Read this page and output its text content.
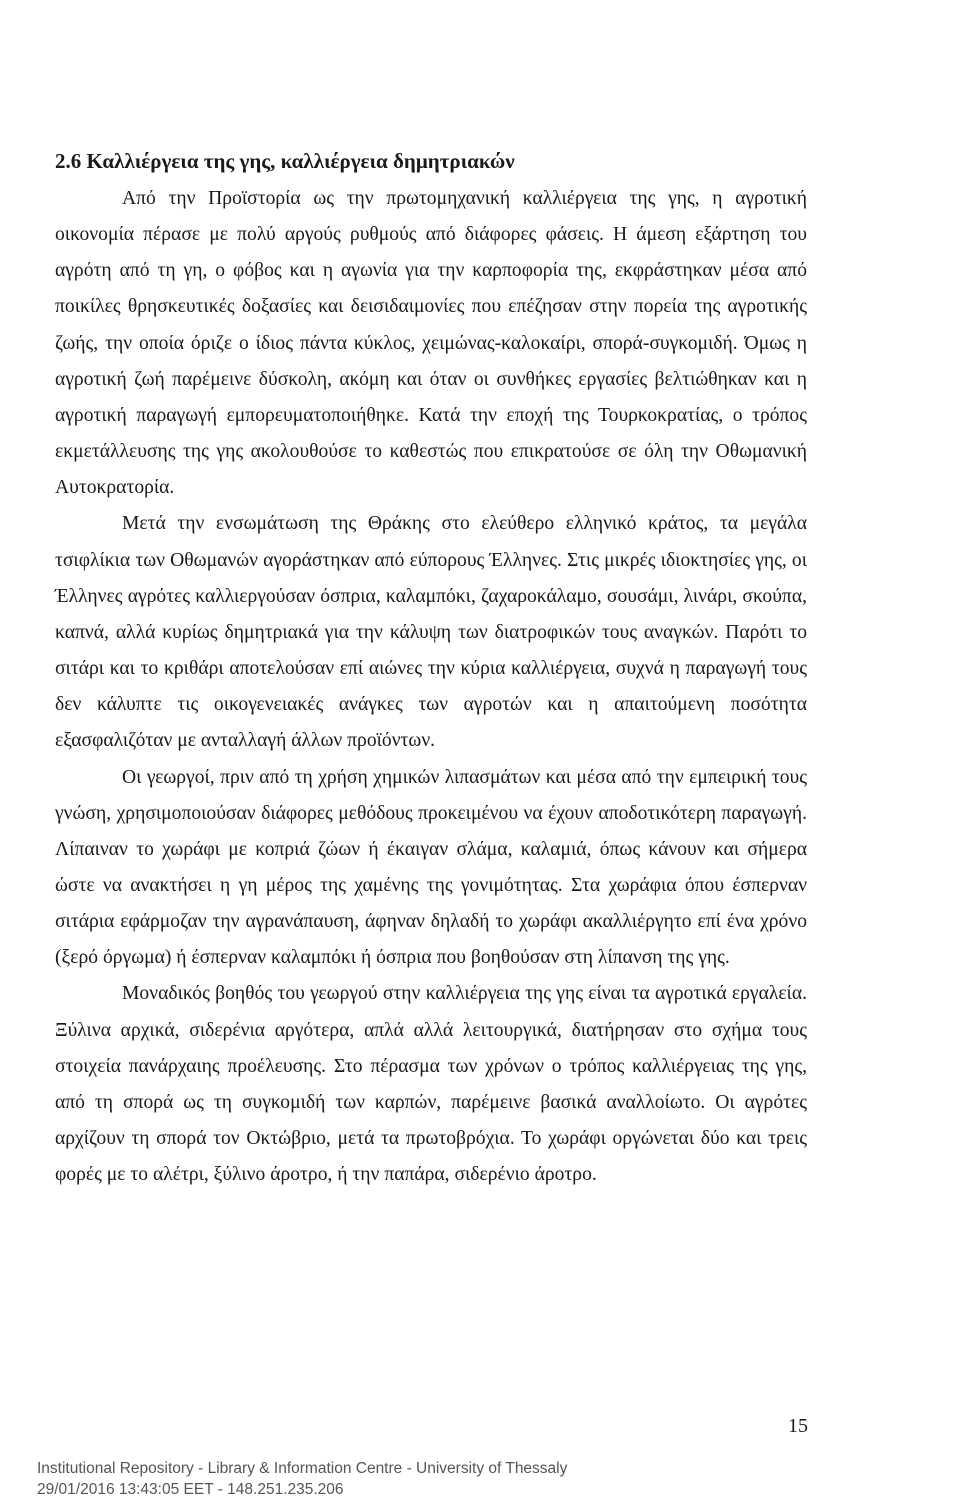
2.6 Καλλιέργεια της γης, καλλιέργεια δημητριακών

Από την Προϊστορία ως την πρωτομηχανική καλλιέργεια της γης, η αγροτική οικονομία πέρασε με πολύ αργούς ρυθμούς από διάφορες φάσεις. Η άμεση εξάρτηση του αγρότη από τη γη, ο φόβος και η αγωνία για την καρποφορία της, εκφράστηκαν μέσα από ποικίλες θρησκευτικές δοξασίες και δεισιδαιμονίες που επέζησαν στην πορεία της αγροτικής ζωής, την οποία όριζε ο ίδιος πάντα κύκλος, χειμώνας-καλοκαίρι, σπορά-συγκομιδή. Όμως η αγροτική ζωή παρέμεινε δύσκολη, ακόμη και όταν οι συνθήκες εργασίες βελτιώθηκαν και η αγροτική παραγωγή εμπορευματοποιήθηκε. Κατά την εποχή της Τουρκοκρατίας, ο τρόπος εκμετάλλευσης της γης ακολουθούσε το καθεστώς που επικρατούσε σε όλη την Οθωμανική Αυτοκρατορία.

Μετά την ενσωμάτωση της Θράκης στο ελεύθερο ελληνικό κράτος, τα μεγάλα τσιφλίκια των Οθωμανών αγοράστηκαν από εύπορους Έλληνες. Στις μικρές ιδιοκτησίες γης, οι Έλληνες αγρότες καλλιεργούσαν όσπρια, καλαμπόκι, ζαχαροκάλαμο, σουσάμι, λινάρι, σκούπα, καπνά, αλλά κυρίως δημητριακά για την κάλυψη των διατροφικών τους αναγκών. Παρότι το σιτάρι και το κριθάρι αποτελούσαν επί αιώνες την κύρια καλλιέργεια, συχνά η παραγωγή τους δεν κάλυπτε τις οικογενειακές ανάγκες των αγροτών και η απαιτούμενη ποσότητα εξασφαλιζόταν με ανταλλαγή άλλων προϊόντων.

Οι γεωργοί, πριν από τη χρήση χημικών λιπασμάτων και μέσα από την εμπειρική τους γνώση, χρησιμοποιούσαν διάφορες μεθόδους προκειμένου να έχουν αποδοτικότερη παραγωγή. Λίπαιναν το χωράφι με κοπριά ζώων ή έκαιγαν σλάμα, καλαμιά, όπως κάνουν και σήμερα ώστε να ανακτήσει η γη μέρος της χαμένης της γονιμότητας. Στα χωράφια όπου έσπερναν σιτάρια εφάρμοζαν την αγρανάπαυση, άφηναν δηλαδή το χωράφι ακαλλιέργητο επί ένα χρόνο (ξερό όργωμα) ή έσπερναν καλαμπόκι ή όσπρια που βοηθούσαν στη λίπανση της γης.

Μοναδικός βοηθός του γεωργού στην καλλιέργεια της γης είναι τα αγροτικά εργαλεία. Ξύλινα αρχικά, σιδερένια αργότερα, απλά αλλά λειτουργικά, διατήρησαν στο σχήμα τους στοιχεία πανάρχαιης προέλευσης. Στο πέρασμα των χρόνων ο τρόπος καλλιέργειας της γης, από τη σπορά ως τη συγκομιδή των καρπών, παρέμεινε βασικά αναλλοίωτο. Οι αγρότες αρχίζουν τη σπορά τον Οκτώβριο, μετά τα πρωτοβρόχια. Το χωράφι οργώνεται δύο και τρεις φορές με το αλέτρι, ξύλινο άροτρο, ή την παπάρα, σιδερένιο άροτρο.

15
Institutional Repository - Library & Information Centre - University of Thessaly
29/01/2016 13:43:05 EET - 148.251.235.206
